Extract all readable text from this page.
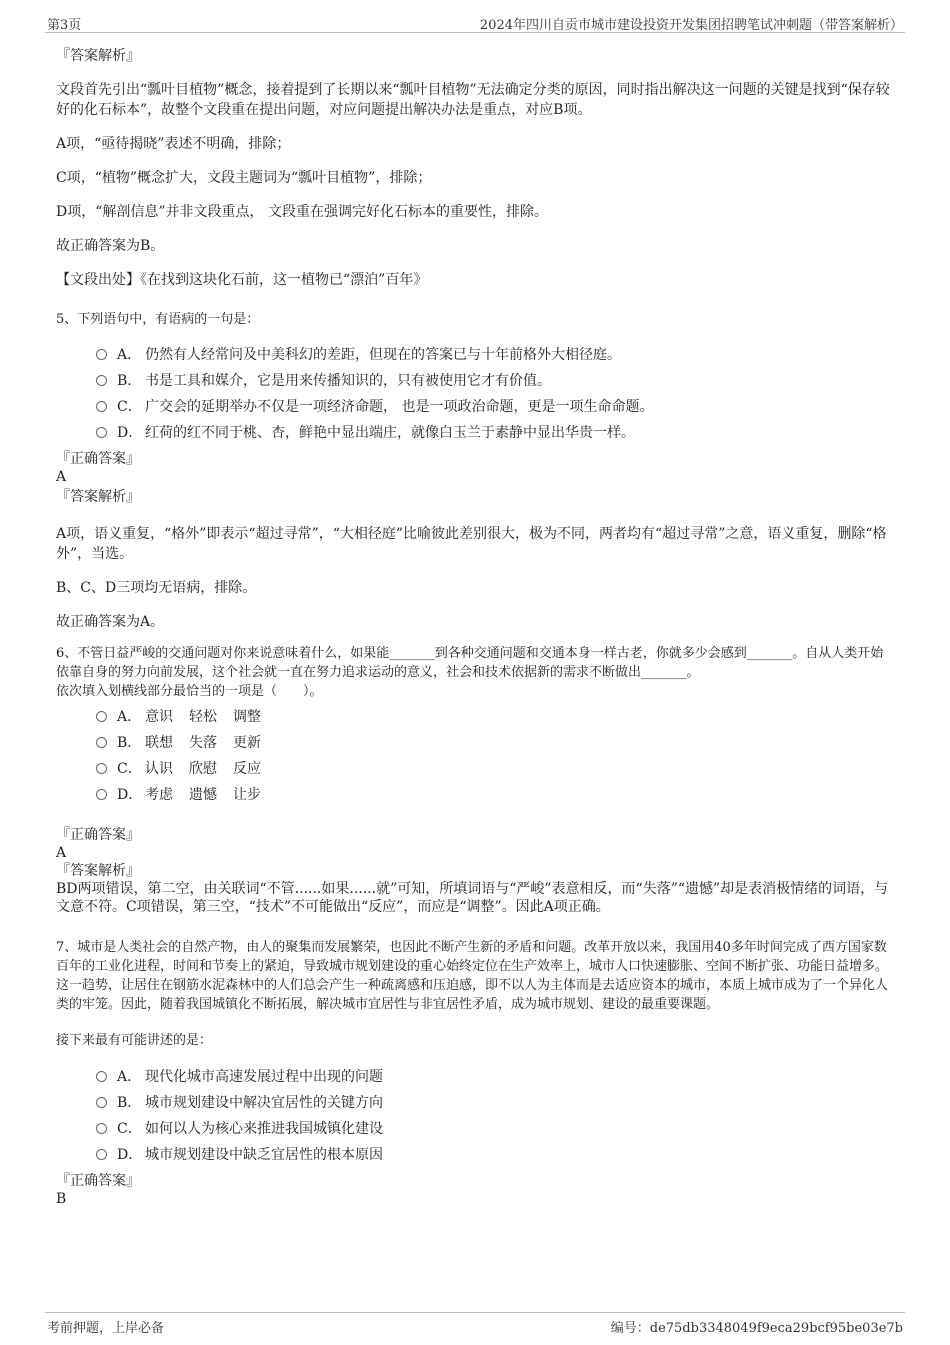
第3页	2024年四川自贡市城市建设投资开发集团招聘笔试冲刺题（带答案解析）
『答案解析』

文段首先引出“瓢叶目植物”概念，接着提到了长期以来“瓢叶目植物”无法确定分类的原因，同时指出解决这一问题的关键是找到“保存较好的化石标本”，故整个文段重在提出问题，对应问题提出解决办法是重点，对应B项。

A项，“亟待揭晓”表述不明确，排除；

C项，“植物”概念扩大，文段主题词为“瓢叶目植物”，排除；

D项，“解剖信息”并非文段重点， 文段重在强调完好化石标本的重要性，排除。

故正确答案为B。

【文段出处】《在找到这块化石前，这一植物已“漂泊”百年》

5、下列语句中，有语病的一句是：
A． 仍然有人经常问及中美科幻的差距，但现在的答案已与十年前格外大相径庭。
B． 书是工具和媒介，它是用来传播知识的，只有被使用它才有价值。
C． 广交会的延期举办不仅是一项经济命题， 也是一项政治命题，更是一项生命命题。
D． 红荷的红不同于桃、杏，鲜艳中显出端庄，就像白玉兰于素静中显出华贵一样。
『正确答案』
A
『答案解析』

A项，语义重复，“格外”即表示“超过寻常”，“大相径庭”比喻彼此差别很大，极为不同，两者均有“超过寻常”之意，语义重复，删除“格外”，当选。

B、C、D三项均无语病，排除。

故正确答案为A。

6、不管日益严峻的交通问题对你来说意味着什么，如果能_______到各种交通问题和交通本身一样古老，你就多少会感到_______。自从人类开始依靠自身的努力向前发展，这个社会就一直在努力追求运动的意义，社会和技术依据新的需求不断做出_______。
依次填入划横线部分最恰当的一项是（　　）。
A． 意识 轻松 调整
B． 联想 失落 更新
C． 认识 欣慰 反应
D． 考虑 遗憾 让步
『正确答案』
A
『答案解析』
BD两项错误，第二空，由关联词“不管......如果......就”可知，所填词语与“严峻”表意相反，而“失落”“遗憾”却是表消极情绪的词语，与文意不符。C项错误，第三空，“技术”不可能做出“反应”，而应是“调整”。因此A项正确。
7、城市是人类社会的自然产物，由人的聚集而发展繁荣，也因此不断产生新的矛盾和问题。改革开放以来，我国用40多年时间完成了西方国家数百年的工业化进程，时间和节奏上的紧迫，导致城市规划建设的重心始终定位在生产效率上，城市人口快速膨胀、空间不断扩张、功能日益增多。这一趋势，让居住在钢筋水泥森林中的人们总会产生一种疏离感和压迫感，即不以人为主体而是去适应资本的城市，本质上城市成为了一个异化人类的牢笼。因此，随着我国城镇化不断拓展，解决城市宜居性与非宜居性矛盾，成为城市规划、建设的最重要课题。
接下来最有可能讲述的是：
A． 现代化城市高速发展过程中出现的问题
B． 城市规划建设中解决宜居性的关键方向
C． 如何以人为核心来推进我国城镇化建设
D． 城市规划建设中缺乏宜居性的根本原因
『正确答案』
B
考前押题，上岸必备	编号：de75db3348049f9eca29bcf95be03e7b
